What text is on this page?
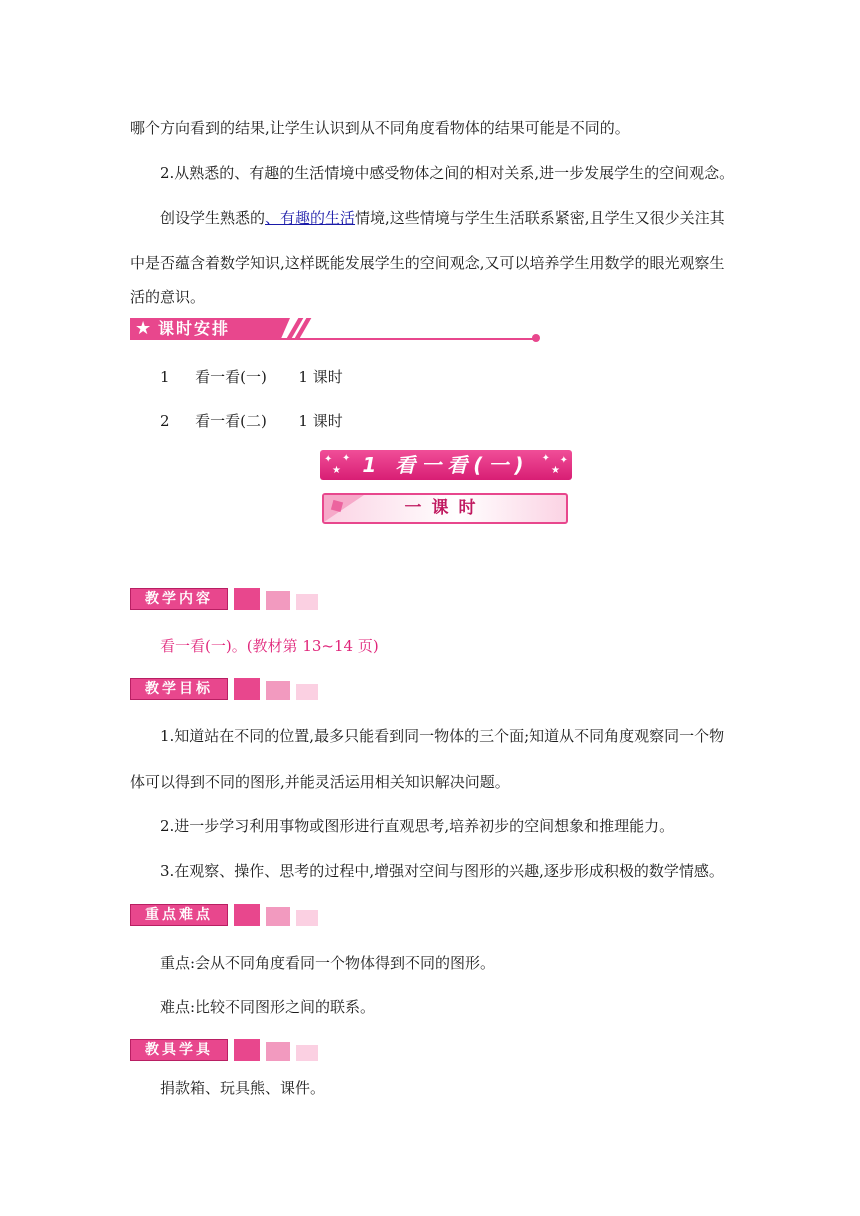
哪个方向看到的结果,让学生认识到从不同角度看物体的结果可能是不同的。
2.从熟悉的、有趣的生活情境中感受物体之间的相对关系,进一步发展学生的空间观念。
创设学生熟悉的、有趣的生活情境,这些情境与学生生活联系紧密,且学生又很少关注其
中是否蕴含着数学知识,这样既能发展学生的空间观念,又可以培养学生用数学的眼光观察生
活的意识。
★ 课时安排
1 看一看(一) 1 课时
2 看一看(二) 1 课时
✦
★
✦	✦
★
✦
1 看一看(一)
一课时
教学内容
看一看(一)。(教材第 13~14 页)
教学目标
1.知道站在不同的位置,最多只能看到同一物体的三个面;知道从不同角度观察同一个物
体可以得到不同的图形,并能灵活运用相关知识解决问题。
2.进一步学习利用事物或图形进行直观思考,培养初步的空间想象和推理能力。
3.在观察、操作、思考的过程中,增强对空间与图形的兴趣,逐步形成积极的数学情感。
重点难点
重点:会从不同角度看同一个物体得到不同的图形。
难点:比较不同图形之间的联系。
教具学具
捐款箱、玩具熊、课件。
